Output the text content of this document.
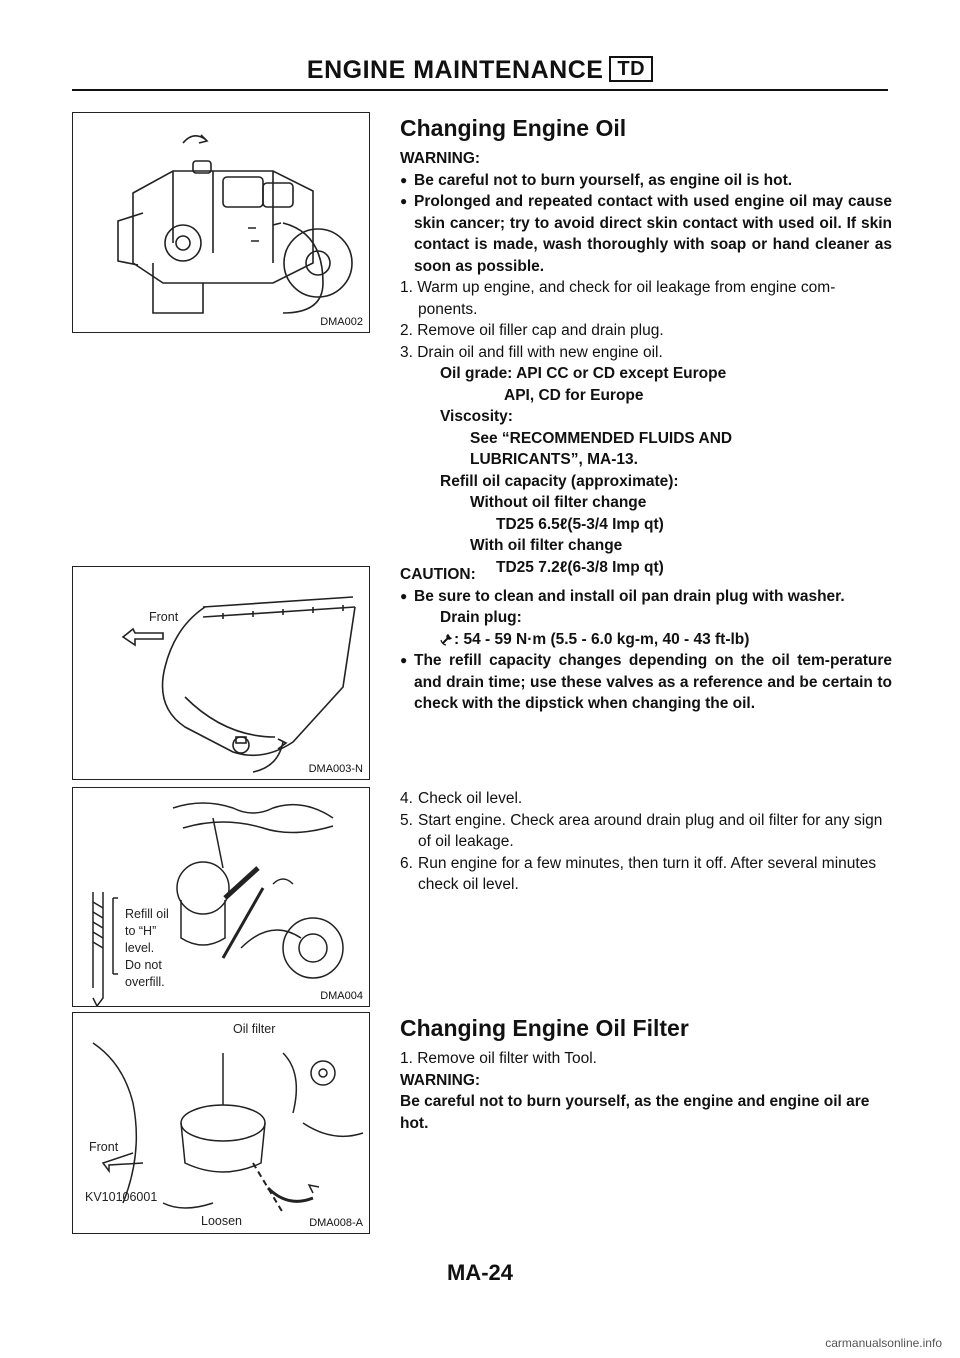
ENGINE MAINTENANCE TD
DMA002
Front
DMA003-N
Refill oil
to “H”
level.
Do not
overfill.
DMA004
Oil filter
Front
KV10106001
Loosen	DMA008-A
Changing Engine Oil
WARNING:
● Be careful not to burn yourself, as engine oil is hot.
● Prolonged and repeated contact with used engine oil may cause skin cancer; try to avoid direct skin contact with used oil. If skin contact is made, wash thoroughly with soap or hand cleaner as soon as possible.
1. Warm up engine, and check for oil leakage from engine com-
ponents.
2. Remove oil filler cap and drain plug.
3. Drain oil and fill with new engine oil.
Oil grade: API CC or CD except Europe
API, CD for Europe
Viscosity:
See “RECOMMENDED FLUIDS AND
LUBRICANTS”, MA-13.
Refill oil capacity (approximate):
Without oil filter change
TD25 6.5ℓ(5-3/4 Imp qt)
With oil filter change
TD25 7.2ℓ(6-3/8 Imp qt)
CAUTION:
● Be sure to clean and install oil pan drain plug with washer.
Drain plug:
: 54 - 59 N·m (5.5 - 6.0 kg-m, 40 - 43 ft-lb)
● The refill capacity changes depending on the oil tem-perature and drain time; use these valves as a reference and be certain to check with the dipstick when changing the oil.
4. Check oil level.
5. Start engine. Check area around drain plug and oil filter for any sign of oil leakage.
6. Run engine for a few minutes, then turn it off. After several minutes check oil level.
Changing Engine Oil Filter
1. Remove oil filter with Tool.
WARNING:
Be careful not to burn yourself, as the engine and engine oil are hot.
MA-24
carmanualsonline.info
